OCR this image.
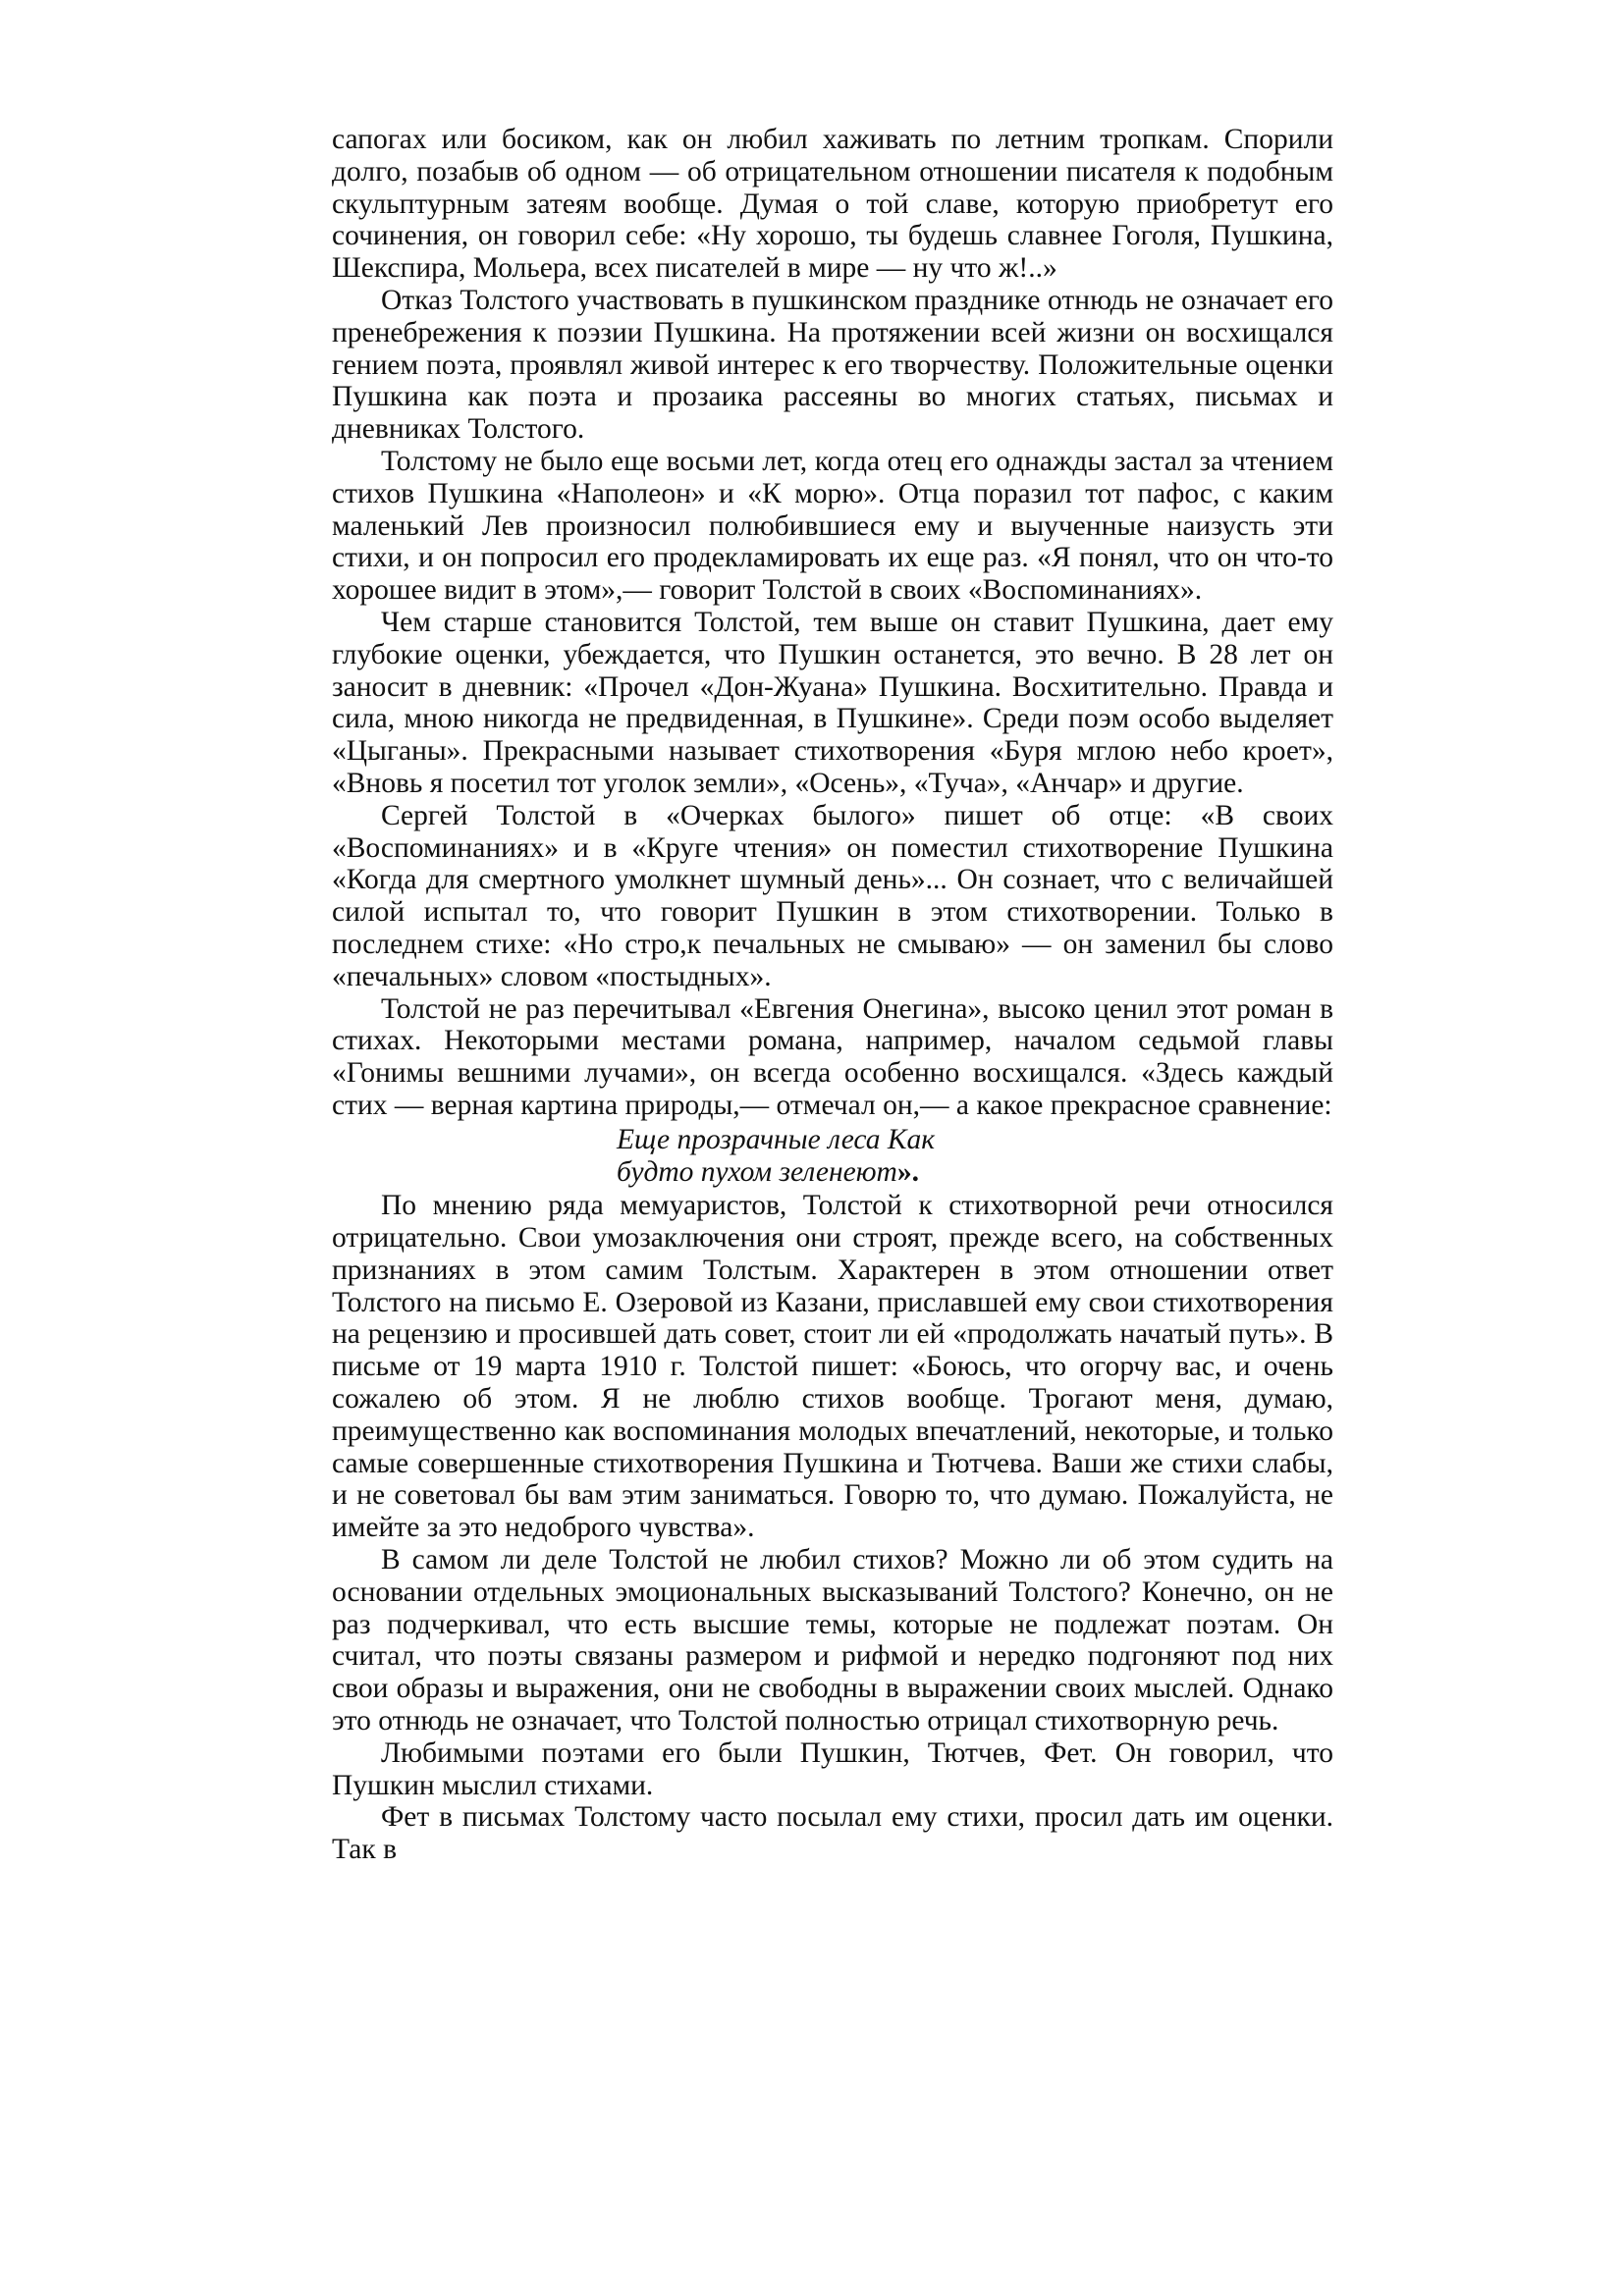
сапогах или босиком, как он любил хаживать по летним тропкам. Спорили долго, позабыв об одном — об отрицательном отношении писателя к подобным скульптурным затеям вообще. Думая о той славе, которую приобретут его сочинения, он говорил себе: «Ну хорошо, ты будешь славнее Гоголя, Пушкина, Шекспира, Мольера, всех писателей в мире — ну что ж!..»

Отказ Толстого участвовать в пушкинском празднике отнюдь не означает его пренебрежения к поэзии Пушкина. На протяжении всей жизни он восхищался гением поэта, проявлял живой интерес к его творчеству. Положительные оценки Пушкина как поэта и прозаика рассеяны во многих статьях, письмах и дневниках Толстого.

Толстому не было еще восьми лет, когда отец его однажды застал за чтением стихов Пушкина «Наполеон» и «К морю». Отца поразил тот пафос, с каким маленький Лев произносил полюбившиеся ему и выученные наизусть эти стихи, и он попросил его продекламировать их еще раз. «Я понял, что он что-то хорошее видит в этом»,— говорит Толстой в своих «Воспоминаниях».

Чем старше становится Толстой, тем выше он ставит Пушкина, дает ему глубокие оценки, убеждается, что Пушкин останется, это вечно. В 28 лет он заносит в дневник: «Прочел «Дон-Жуана» Пушкина. Восхитительно. Правда и сила, мною никогда не предвиденная, в Пушкине». Среди поэм особо выделяет «Цыганы». Прекрасными называет стихотворения «Буря мглою небо кроет», «Вновь я посетил тот уголок земли», «Осень», «Туча», «Анчар» и другие.

Сергей Толстой в «Очерках былого» пишет об отце: «В своих «Воспоминаниях» и в «Круге чтения» он поместил стихотворение Пушкина «Когда для смертного умолкнет шумный день»... Он сознает, что с величайшей силой испытал то, что говорит Пушкин в этом стихотворении. Только в последнем стихе: «Но стро,к печальных не смываю» — он заменил бы слово «печальных» словом «постыдных».

Толстой не раз перечитывал «Евгения Онегина», высоко ценил этот роман в стихах. Некоторыми местами романа, например, началом седьмой главы «Гонимы вешними лучами», он всегда особенно восхищался. «Здесь каждый стих — верная картина природы,— отмечал он,— а какое прекрасное сравнение:

Еще прозрачные леса Как
будто пухом зеленеют».

По мнению ряда мемуаристов, Толстой к стихотворной речи относился отрицательно. Свои умозаключения они строят, прежде всего, на собственных признаниях в этом самим Толстым. Характерен в этом отношении ответ Толстого на письмо Е. Озеровой из Казани, приславшей ему свои стихотворения на рецензию и просившей дать совет, стоит ли ей «продолжать начатый путь». В письме от 19 марта 1910 г. Толстой пишет: «Боюсь, что огорчу вас, и очень сожалею об этом. Я не люблю стихов вообще. Трогают меня, думаю, преимущественно как воспоминания молодых впечатлений, некоторые, и только самые совершенные стихотворения Пушкина и Тютчева. Ваши же стихи слабы, и не советовал бы вам этим заниматься. Говорю то, что думаю. Пожалуйста, не имейте за это недоброго чувства».

В самом ли деле Толстой не любил стихов? Можно ли об этом судить на основании отдельных эмоциональных высказываний Толстого? Конечно, он не раз подчеркивал, что есть высшие темы, которые не подлежат поэтам. Он считал, что поэты связаны размером и рифмой и нередко подгоняют под них свои образы и выражения, они не свободны в выражении своих мыслей. Однако это отнюдь не означает, что Толстой полностью отрицал стихотворную речь.

Любимыми поэтами его были Пушкин, Тютчев, Фет. Он говорил, что Пушкин мыслил стихами.

Фет в письмах Толстому часто посылал ему стихи, просил дать им оценки. Так в
